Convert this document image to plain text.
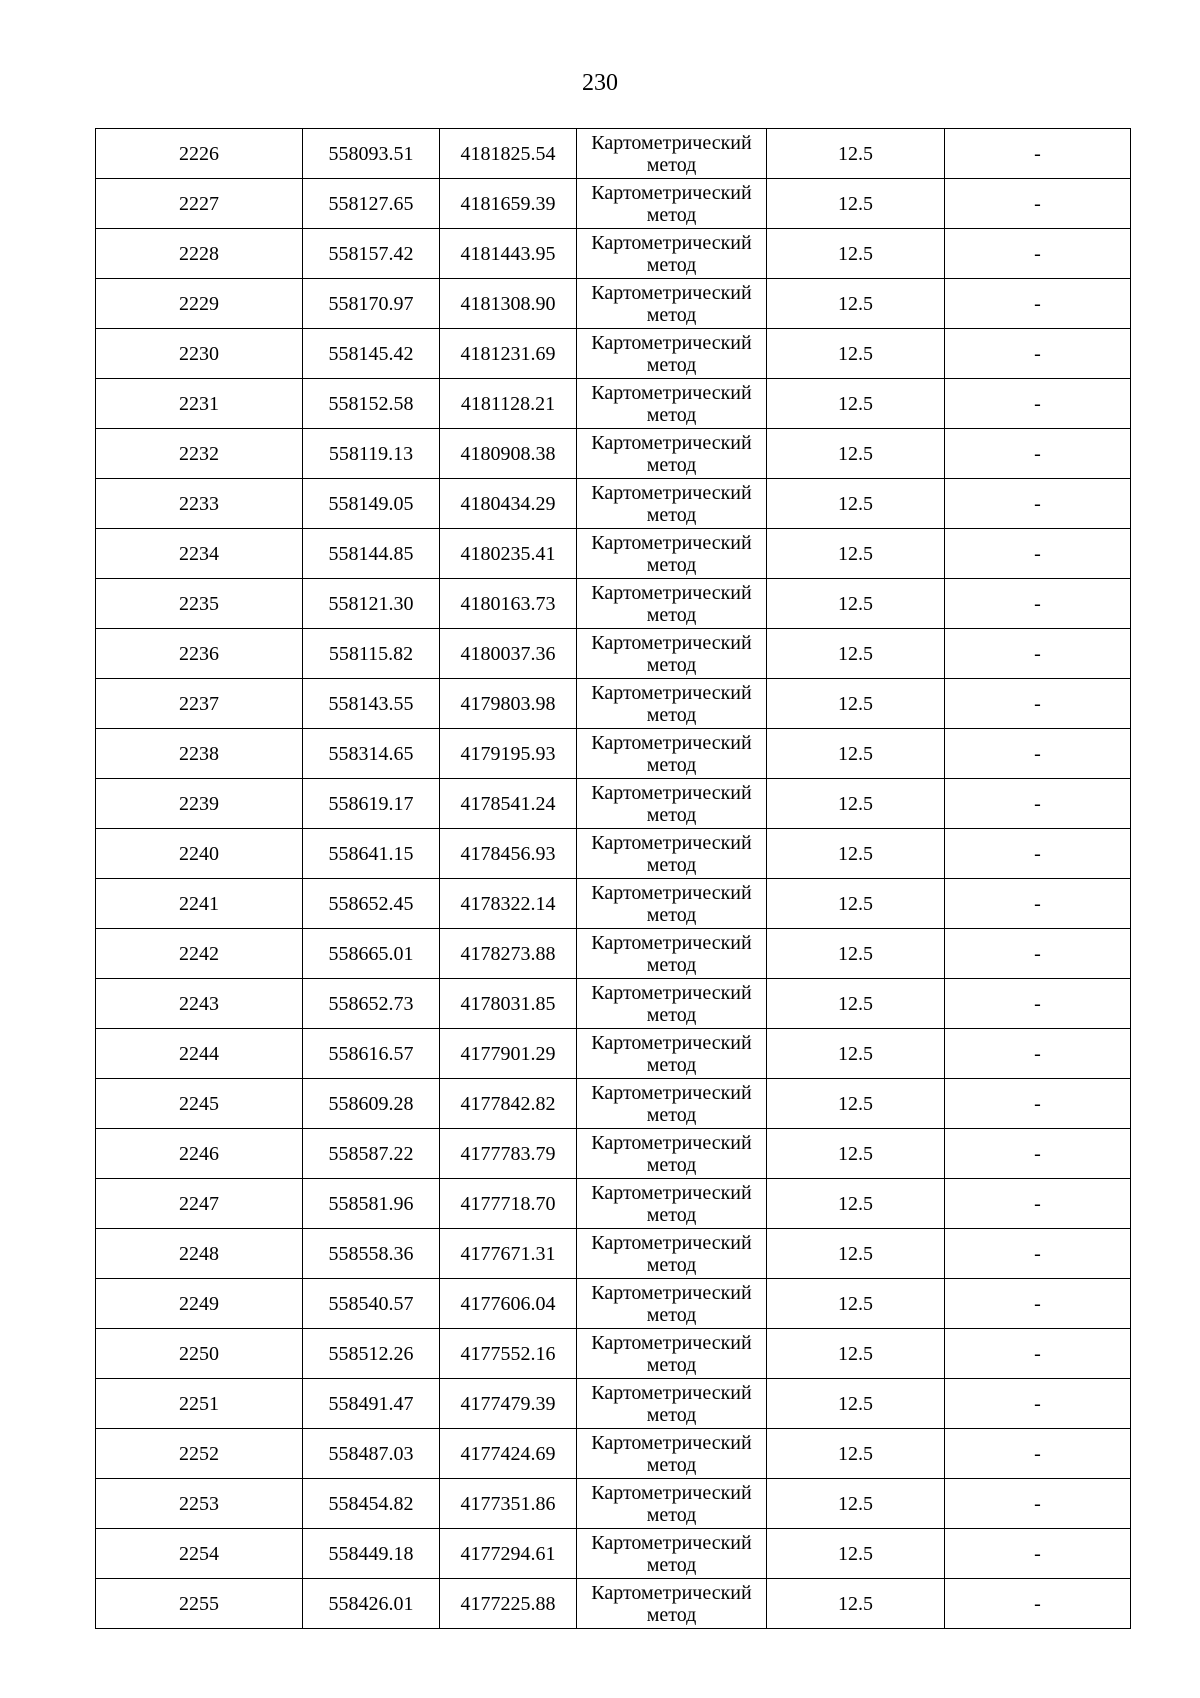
230
2226	558093.51	4181825.54	Картометрический
метод	12.5	-
2227	558127.65	4181659.39	Картометрический
метод	12.5	-
2228	558157.42	4181443.95	Картометрический
метод	12.5	-
2229	558170.97	4181308.90	Картометрический
метод	12.5	-
2230	558145.42	4181231.69	Картометрический
метод	12.5	-
2231	558152.58	4181128.21	Картометрический
метод	12.5	-
2232	558119.13	4180908.38	Картометрический
метод	12.5	-
2233	558149.05	4180434.29	Картометрический
метод	12.5	-
2234	558144.85	4180235.41	Картометрический
метод	12.5	-
2235	558121.30	4180163.73	Картометрический
метод	12.5	-
2236	558115.82	4180037.36	Картометрический
метод	12.5	-
2237	558143.55	4179803.98	Картометрический
метод	12.5	-
2238	558314.65	4179195.93	Картометрический
метод	12.5	-
2239	558619.17	4178541.24	Картометрический
метод	12.5	-
2240	558641.15	4178456.93	Картометрический
метод	12.5	-
2241	558652.45	4178322.14	Картометрический
метод	12.5	-
2242	558665.01	4178273.88	Картометрический
метод	12.5	-
2243	558652.73	4178031.85	Картометрический
метод	12.5	-
2244	558616.57	4177901.29	Картометрический
метод	12.5	-
2245	558609.28	4177842.82	Картометрический
метод	12.5	-
2246	558587.22	4177783.79	Картометрический
метод	12.5	-
2247	558581.96	4177718.70	Картометрический
метод	12.5	-
2248	558558.36	4177671.31	Картометрический
метод	12.5	-
2249	558540.57	4177606.04	Картометрический
метод	12.5	-
2250	558512.26	4177552.16	Картометрический
метод	12.5	-
2251	558491.47	4177479.39	Картометрический
метод	12.5	-
2252	558487.03	4177424.69	Картометрический
метод	12.5	-
2253	558454.82	4177351.86	Картометрический
метод	12.5	-
2254	558449.18	4177294.61	Картометрический
метод	12.5	-
2255	558426.01	4177225.88	Картометрический
метод	12.5	-
